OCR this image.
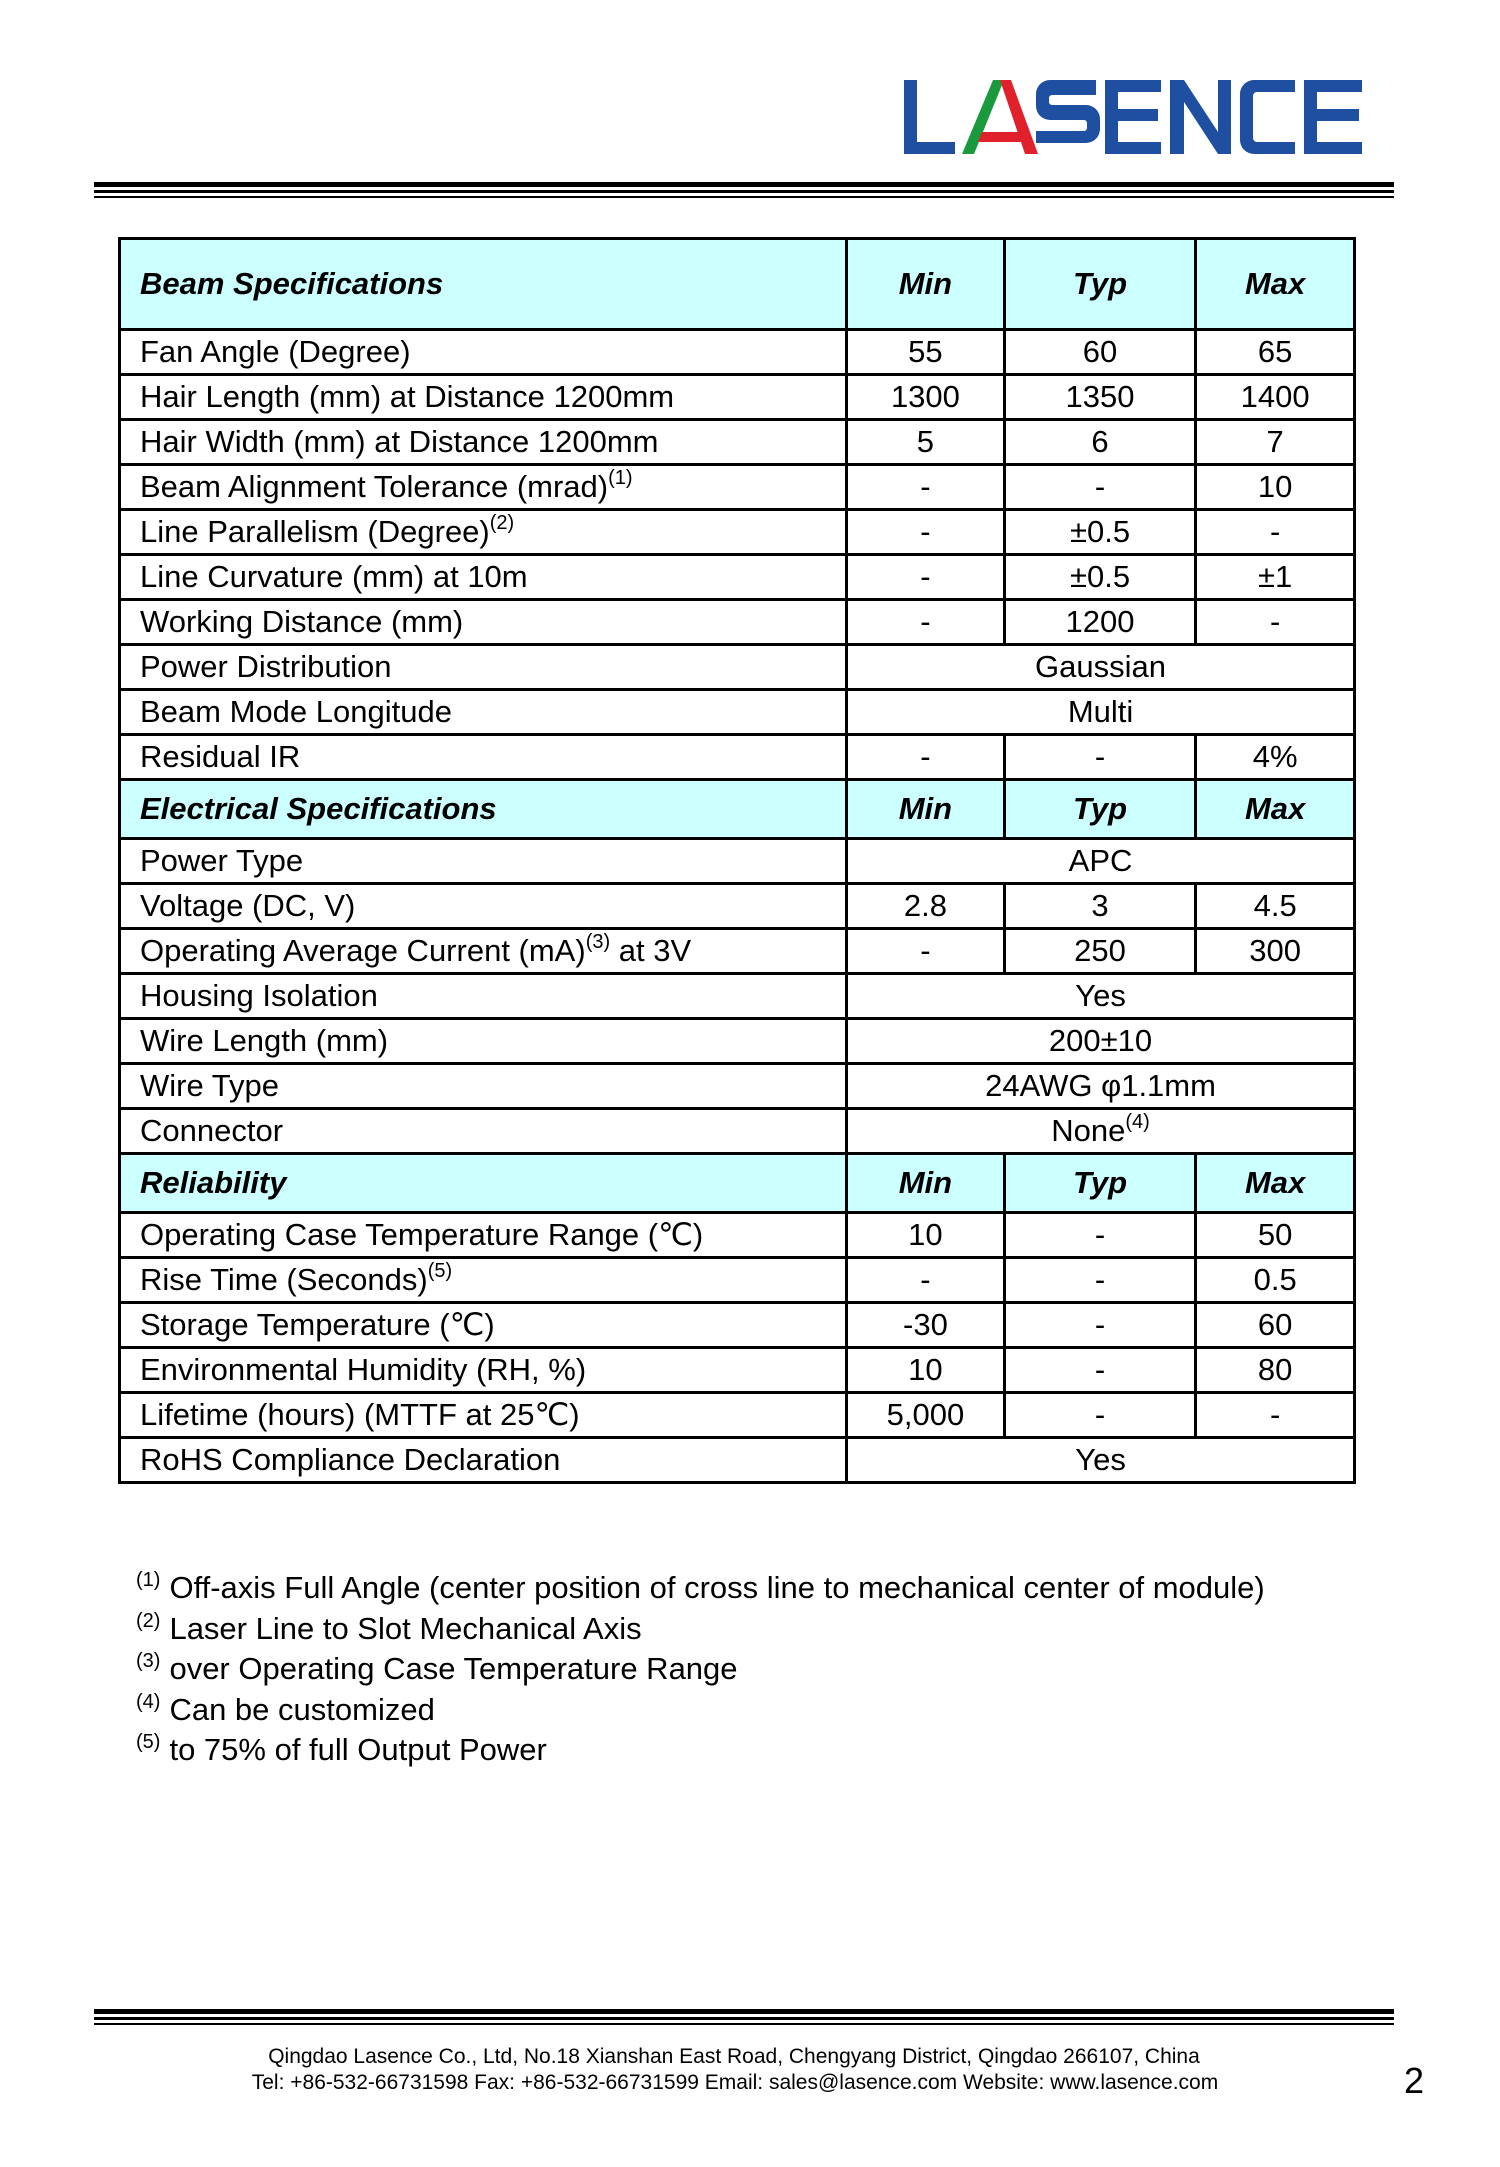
LASENCE
Beam Specifications	Min	Typ	Max
Fan Angle (Degree)	55	60	65
Hair Length (mm) at Distance 1200mm	1300	1350	1400
Hair Width (mm) at Distance 1200mm	5	6	7
Beam Alignment Tolerance (mrad)$^{(1)}$	-	-	10
Line Parallelism (Degree)$^{(2)}$	-	±0.5	-
Line Curvature (mm) at 10m	-	±0.5	±1
Working Distance (mm)	-	1200	-
Power Distribution	Gaussian		
Beam Mode Longitude	Multi		
Residual IR	-	-	4%
Electrical Specifications	Min	Typ	Max
Power Type	APC		
Voltage (DC, V)	2.8	3	4.5
Operating Average Current (mA)$^{(3)}$ at 3V	-	250	300
Housing Isolation	Yes		
Wire Length (mm)	200±10		
Wire Type	24AWG φ1.1mm		
Connector	None$^{(4)}$
Reliability	Min	Typ	Max
Operating Case Temperature Range (℃)	10	-	50
Rise Time (Seconds)$^{(5)}$	-	-	0.5
Storage Temperature (℃)	-30	-	60
Environmental Humidity (RH, %)	10	-	80
Lifetime (hours) (MTTF at 25℃)	5,000	-	-
RoHS Compliance Declaration	Yes		
$^{(1)}$ Off-axis Full Angle (center position of cross line to mechanical center of module)
$^{(2)}$ Laser Line to Slot Mechanical Axis
$^{(3)}$ over Operating Case Temperature Range
$^{(4)}$ Can be customized
$^{(5)}$ to 75% of full Output Power
Qingdao Lasence Co., Ltd, No.18 Xianshan East Road, Chengyang District, Qingdao 266107, China
Tel: +86-532-66731598 Fax: +86-532-66731599 Email: sales@lasence.com Website: www.lasence.com	2
